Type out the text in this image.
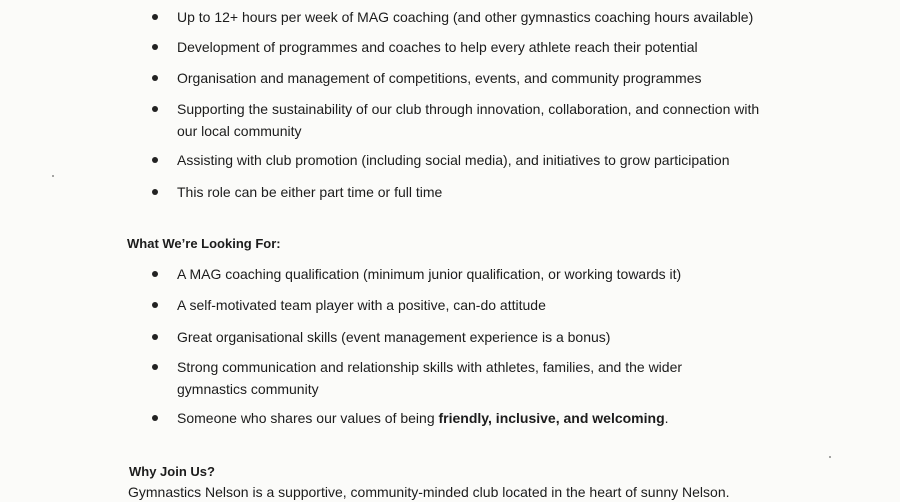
Up to 12+ hours per week of MAG coaching (and other gymnastics coaching hours available)
Development of programmes and coaches to help every athlete reach their potential
Organisation and management of competitions, events, and community programmes
Supporting the sustainability of our club through innovation, collaboration, and connection with our local community
Assisting with club promotion (including social media), and initiatives to grow participation
This role can be either part time or full time
What We’re Looking For:
A MAG coaching qualification (minimum junior qualification, or working towards it)
A self-motivated team player with a positive, can-do attitude
Great organisational skills (event management experience is a bonus)
Strong communication and relationship skills with athletes, families, and the wider gymnastics community
Someone who shares our values of being friendly, inclusive, and welcoming.
Why Join Us?
Gymnastics Nelson is a supportive, community-minded club located in the heart of sunny Nelson.
